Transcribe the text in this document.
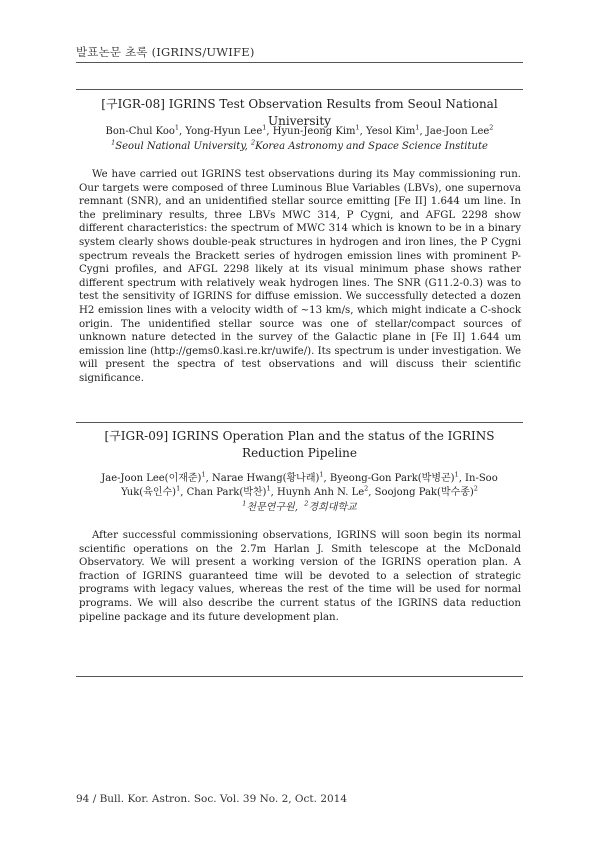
발표논문 초록 (IGRINS/UWIFE)
[구IGR-08] IGRINS Test Observation Results from Seoul National University
Bon-Chul Koo$^1$, Yong-Hyun Lee$^1$, Hyun-Jeong Kim$^1$, Yesol Kim$^1$, Jae-Joon Lee$^2$
$^1$Seoul National University, $^2$Korea Astronomy and Space Science Institute

We have carried out IGRINS test observations during its May commissioning run. Our targets were composed of three Luminous Blue Variables (LBVs), one supernova remnant (SNR), and an unidentified stellar source emitting [Fe II] 1.644 um line. In the preliminary results, three LBVs MWC 314, P Cygni, and AFGL 2298 show different characteristics: the spectrum of MWC 314 which is known to be in a binary system clearly shows double-peak structures in hydrogen and iron lines, the P Cygni spectrum reveals the Brackett series of hydrogen emission lines with prominent P-Cygni profiles, and AFGL 2298 likely at its visual minimum phase shows rather different spectrum with relatively weak hydrogen lines. The SNR (G11.2-0.3) was to test the sensitivity of IGRINS for diffuse emission. We successfully detected a dozen H2 emission lines with a velocity width of ~13 km/s, which might indicate a C-shock origin. The unidentified stellar source was one of stellar/compact sources of unknown nature detected in the survey of the Galactic plane in [Fe II] 1.644 um emission line (http://gems0.kasi.re.kr/uwife/). Its spectrum is under investigation. We will present the spectra of test observations and will discuss their scientific significance.

[구IGR-09] IGRINS Operation Plan and the status of the IGRINS Reduction Pipeline
Jae-Joon Lee(이재준)$^1$, Narae Hwang(황나래)$^1$, Byeong-Gon Park(박병곤)$^1$, In-Soo
Yuk(육인수)$^1$, Chan Park(박찬)$^1$, Huynh Anh N. Le$^2$, Soojong Pak(박수종)$^2$
$^1$천문연구원, $^2$경희대학교

After successful commissioning observations, IGRINS will soon begin its normal scientific operations on the 2.7m Harlan J. Smith telescope at the McDonald Observatory. We will present a working version of the IGRINS operation plan. A fraction of IGRINS guaranteed time will be devoted to a selection of strategic programs with legacy values, whereas the rest of the time will be used for normal programs. We will also describe the current status of the IGRINS data reduction pipeline package and its future development plan.

94 / Bull. Kor. Astron. Soc. Vol. 39 No. 2, Oct. 2014
